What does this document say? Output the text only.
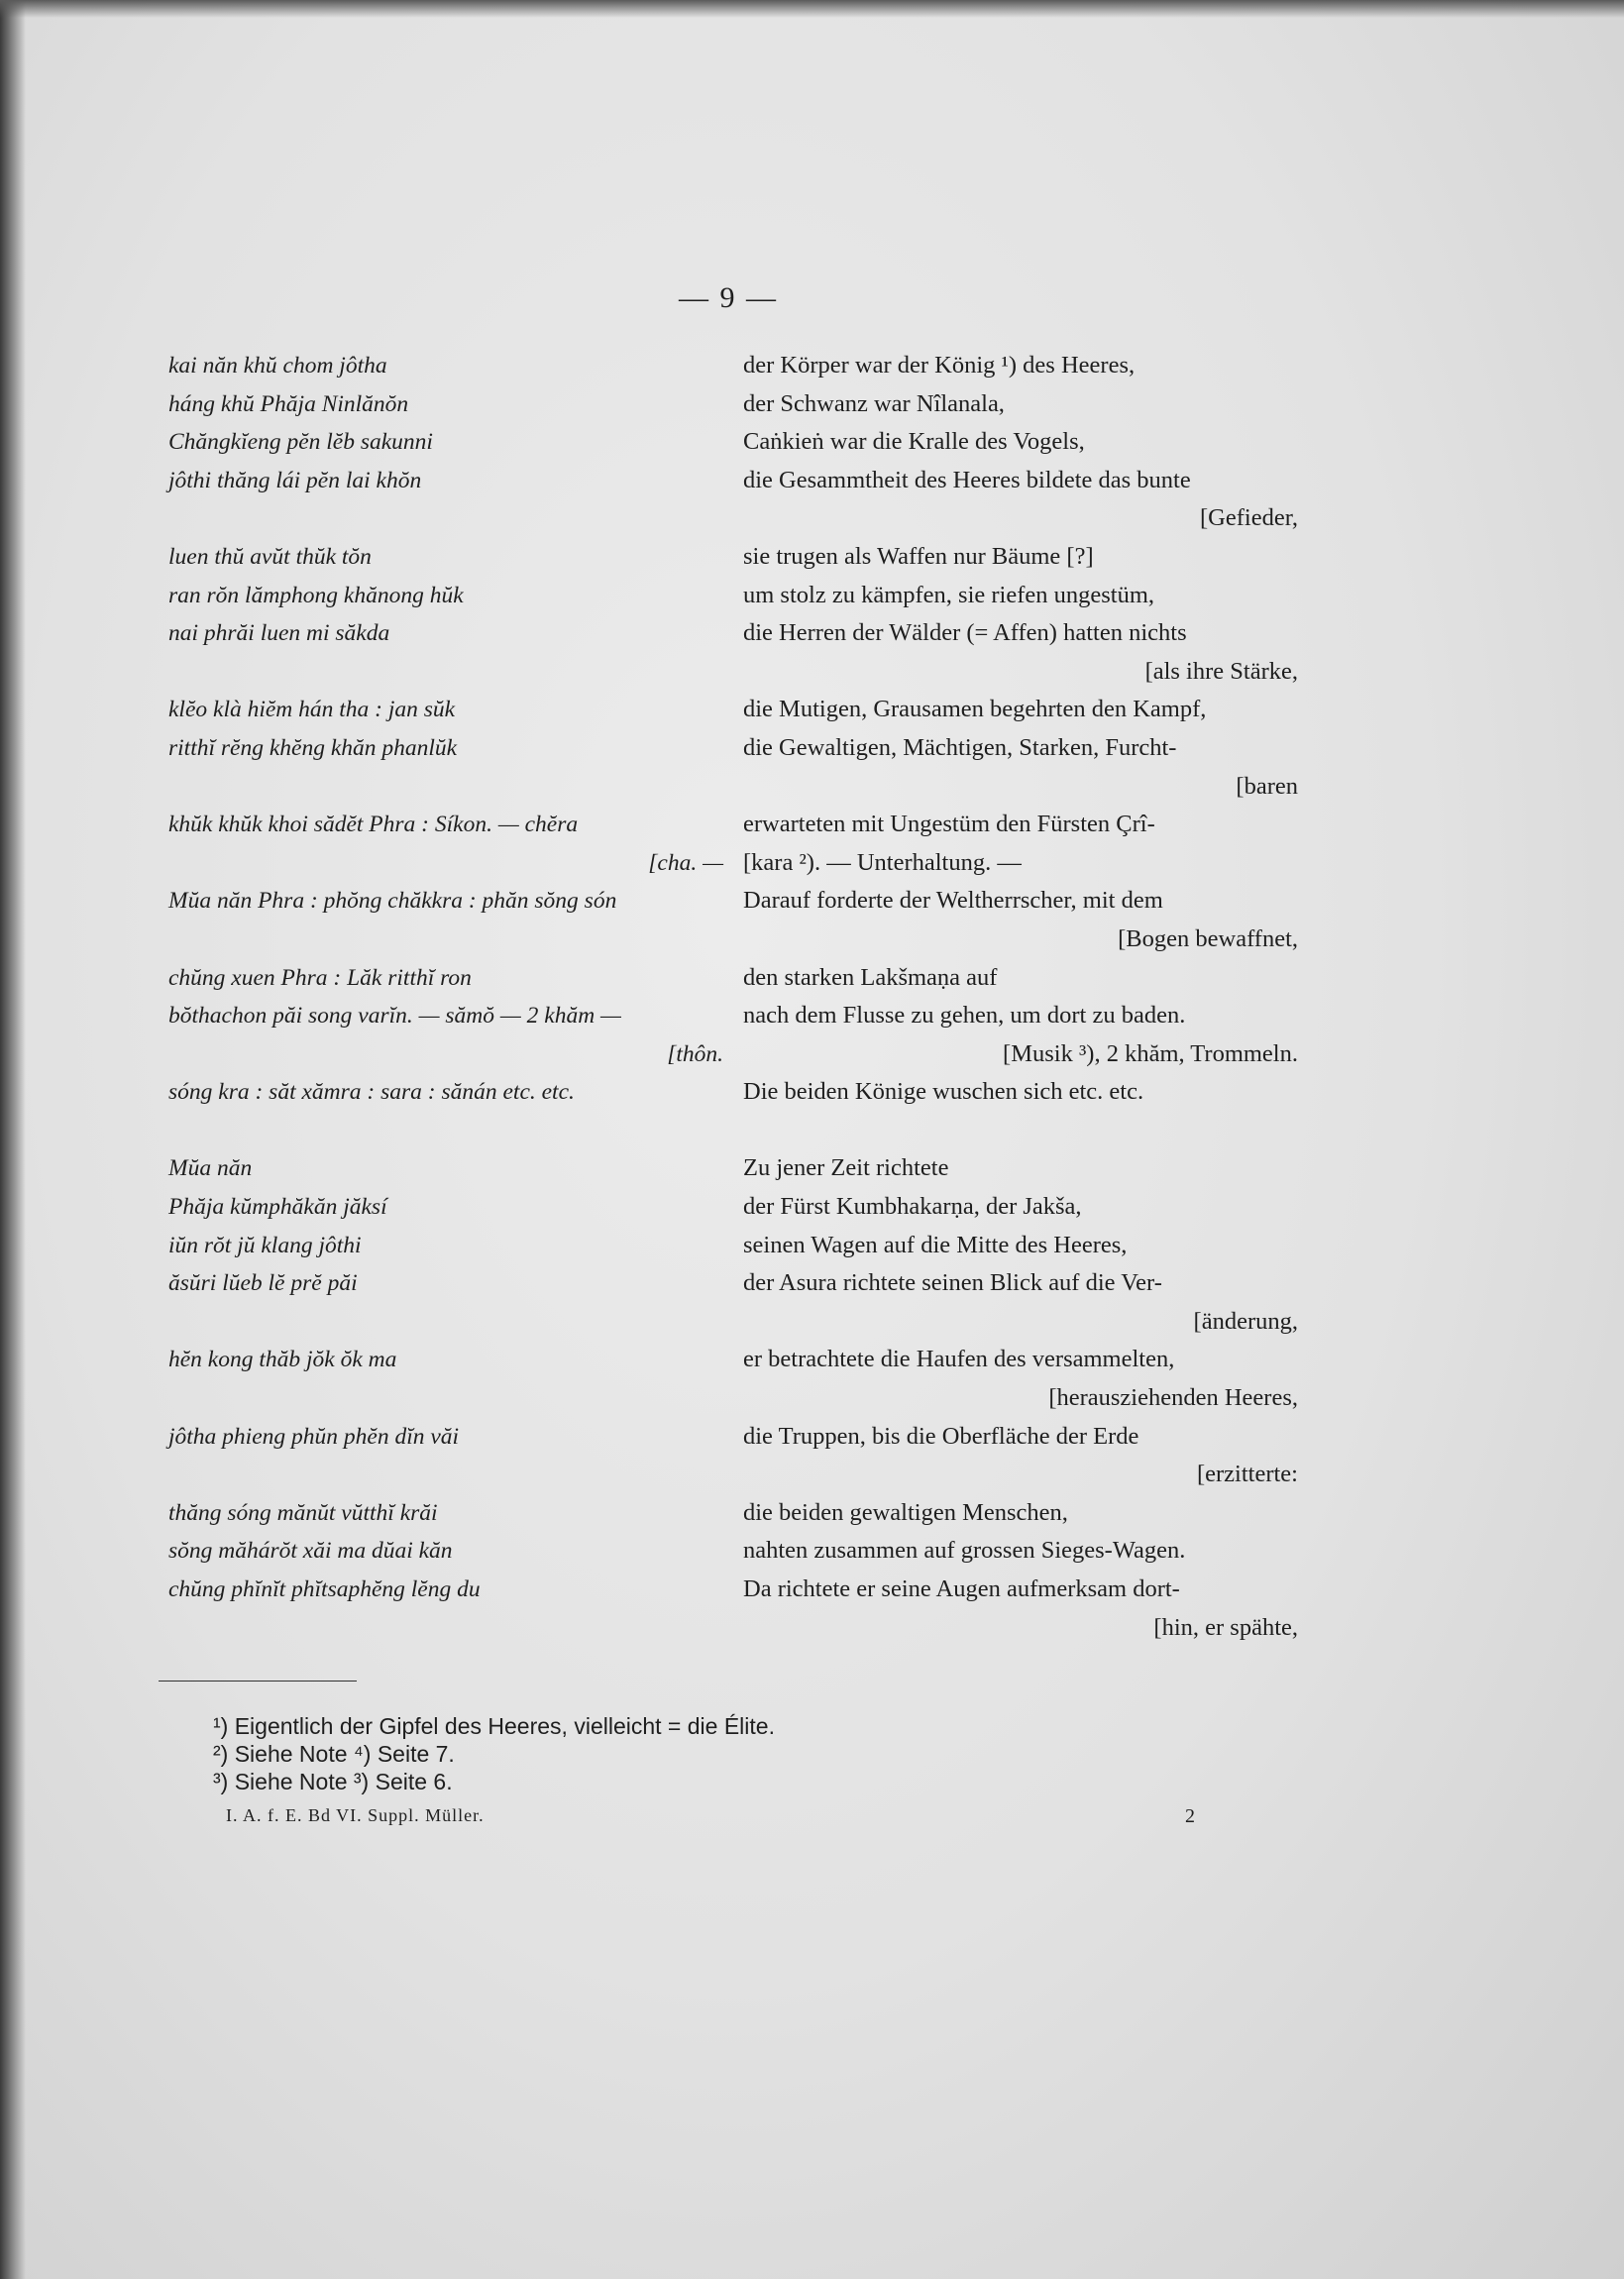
— 9 —
kai năn khŭ chom jôtha
háng khŭ Phăja Ninlănŏn
Chăngkĭeng pĕn lĕb sakunni
jôthi thăng lái pĕn lai khŏn
luen thŭ avŭt thŭk tŏn
ran rŏn lămphong khănong hŭk
nai phrăi luen mi săkda
klĕo klà hiĕm hán tha : jan sŭk
ritthĭ rĕng khĕng khăn phanlŭk
khŭk khŭk khoi sădĕt Phra : Síkon. — chĕra
[cha. —
Mŭa năn Phra : phŏng chăkkra : phăn sŏng són
chŭng xuen Phra : Lăk ritthĭ ron
bŏthachon păi song varĭn. — sămŏ — 2 khăm —
[thôn.
sóng kra : săt xămra : sara : sănán etc. etc.
Mŭa năn
Phăja kŭmphăkăn jăksí
iŭn rŏt jŭ klang jôthi
ăsŭri lŭeb lĕ prĕ păi
hĕn kong thăb jŏk ŏk ma
jôtha phieng phŭn phĕn dĭn văi
thăng sóng mănŭt vŭtthĭ krăi
sŏng măhárŏt xăi ma dŭai kăn
chŭng phĭnĭt phĭtsaphĕng lĕng du
der Körper war der König ¹) des Heeres,
der Schwanz war Nîlanala,
Caṅkieṅ war die Kralle des Vogels,
die Gesammtheit des Heeres bildete das bunte
[Gefieder,
sie trugen als Waffen nur Bäume [?]
um stolz zu kämpfen, sie riefen ungestüm,
die Herren der Wälder (= Affen) hatten nichts
[als ihre Stärke,
die Mutigen, Grausamen begehrten den Kampf,
die Gewaltigen, Mächtigen, Starken, Furcht-
[baren
erwarteten mit Ungestüm den Fürsten Çrî-
[kara ²). — Unterhaltung. —
Darauf forderte der Weltherrscher, mit dem
[Bogen bewaffnet,
den starken Lakšmaṇa auf
nach dem Flusse zu gehen, um dort zu baden.
[Musik ³), 2 khăm, Trommeln.
Die beiden Könige wuschen sich etc. etc.
Zu jener Zeit richtete
der Fürst Kumbhakarṇa, der Jakša,
seinen Wagen auf die Mitte des Heeres,
der Asura richtete seinen Blick auf die Ver-
[änderung,
er betrachtete die Haufen des versammelten,
[herausziehenden Heeres,
die Truppen, bis die Oberfläche der Erde
[erzitterte:
die beiden gewaltigen Menschen,
nahten zusammen auf grossen Sieges-Wagen.
Da richtete er seine Augen aufmerksam dort-
[hin, er spähte,
¹) Eigentlich der Gipfel des Heeres, vielleicht = die Élite.
²) Siehe Note ⁴) Seite 7.
³) Siehe Note ³) Seite 6.
I. A. f. E. Bd VI. Suppl. Müller.	2
